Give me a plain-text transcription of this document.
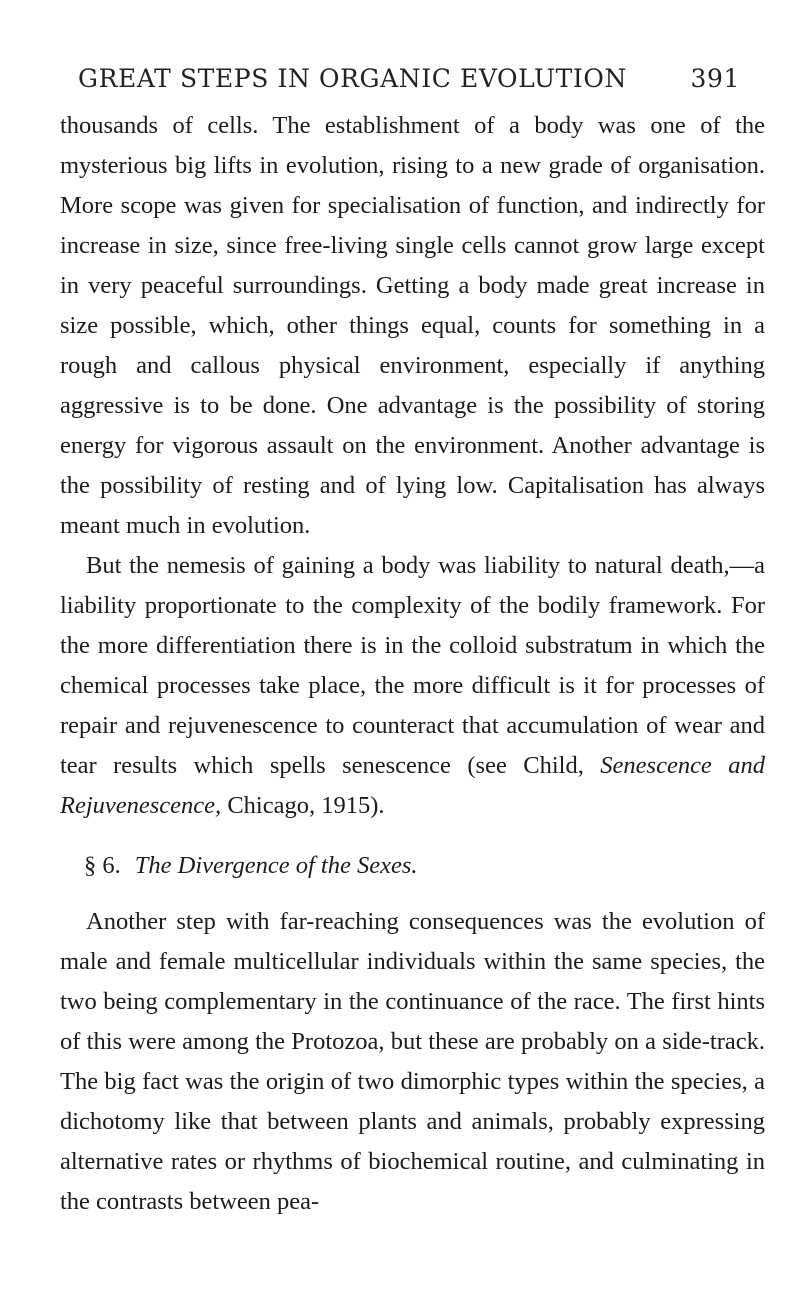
GREAT STEPS IN ORGANIC EVOLUTION	391

thousands of cells. The establishment of a body was one of the mysterious big lifts in evolution, rising to a new grade of organisation. More scope was given for specialisation of function, and indirectly for increase in size, since free-living single cells cannot grow large except in very peaceful surroundings. Getting a body made great increase in size possible, which, other things equal, counts for something in a rough and callous physical environment, especially if anything aggressive is to be done. One advantage is the possibility of storing energy for vigorous assault on the environment. Another advantage is the possibility of resting and of lying low. Capitalisation has always meant much in evolution.

But the nemesis of gaining a body was liability to natural death,—a liability proportionate to the complexity of the bodily framework. For the more differentiation there is in the colloid substratum in which the chemical processes take place, the more difficult is it for processes of repair and rejuvenescence to counteract that accumulation of wear and tear results which spells senescence (see Child, Senescence and Rejuvenescence, Chicago, 1915).

§ 6. The Divergence of the Sexes.

Another step with far-reaching consequences was the evolution of male and female multicellular individuals within the same species, the two being complementary in the continuance of the race. The first hints of this were among the Protozoa, but these are probably on a side-track. The big fact was the origin of two dimorphic types within the species, a dichotomy like that between plants and animals, probably expressing alternative rates or rhythms of biochemical routine, and culminating in the contrasts between pea-
